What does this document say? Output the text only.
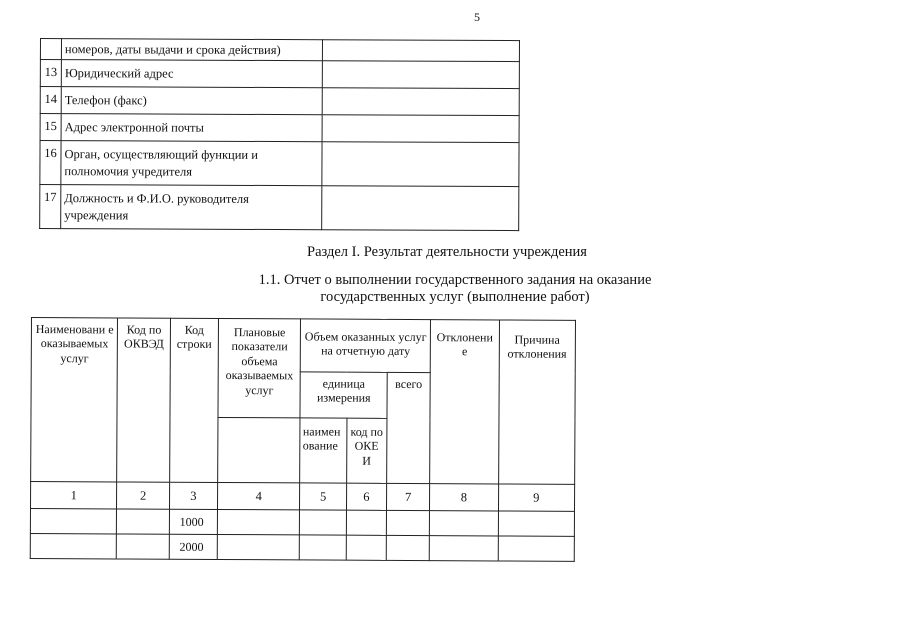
5
	номеров, даты выдачи и срока действия)	
13	Юридический адрес	
14	Телефон (факс)	
15	Адрес электронной почты	
16	Орган, осуществляющий функции и полномочия учредителя	
17	Должность и Ф.И.О. руководителя учреждения	
Раздел I. Результат деятельности учреждения
1.1. Отчет о выполнении государственного задания на оказание государственных услуг (выполнение работ)
Наименовани е оказываемых услуг	Код по ОКВЭД	Код строки	Плановые показатели объема оказываемых услуг	Объем оказанных услуг на отчетную дату			Отклонени е	Причина отклонения
				единица измерения		всего		
				наимен ование	код по ОКЕ И			
1	2	3	4	5	6	7	8	9
		1000						
		2000						
